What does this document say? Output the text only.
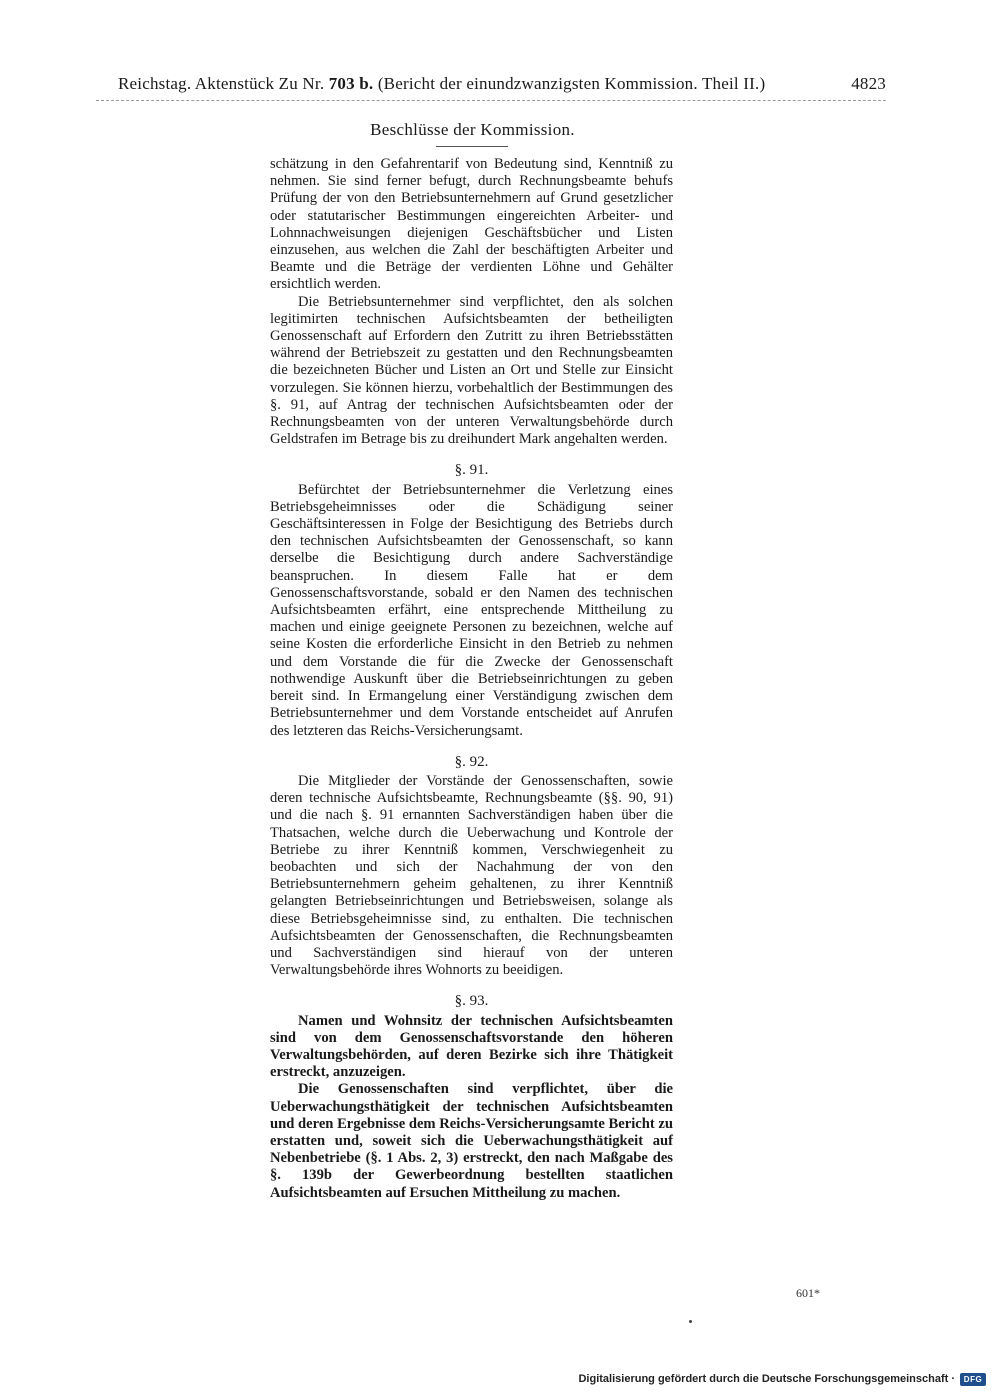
Reichstag. Aktenstück Zu Nr. 703 b. (Bericht der einundzwanzigsten Kommission. Theil II.)	4823
Beschlüsse der Kommission.

schätzung in den Gefahrentarif von Bedeutung sind, Kenntniß zu nehmen. Sie sind ferner befugt, durch Rechnungsbeamte behufs Prüfung der von den Betriebsunternehmern auf Grund gesetzlicher oder statutarischer Bestimmungen eingereichten Arbeiter- und Lohnnachweisungen diejenigen Geschäftsbücher und Listen einzusehen, aus welchen die Zahl der beschäftigten Arbeiter und Beamte und die Beträge der verdienten Löhne und Gehälter ersichtlich werden.

Die Betriebsunternehmer sind verpflichtet, den als solchen legitimirten technischen Aufsichtsbeamten der betheiligten Genossenschaft auf Erfordern den Zutritt zu ihren Betriebsstätten während der Betriebszeit zu gestatten und den Rechnungsbeamten die bezeichneten Bücher und Listen an Ort und Stelle zur Einsicht vorzulegen. Sie können hierzu, vorbehaltlich der Bestimmungen des §. 91, auf Antrag der technischen Aufsichtsbeamten oder der Rechnungsbeamten von der unteren Verwaltungsbehörde durch Geldstrafen im Betrage bis zu dreihundert Mark angehalten werden.

§. 91.

Befürchtet der Betriebsunternehmer die Verletzung eines Betriebsgeheimnisses oder die Schädigung seiner Geschäftsinteressen in Folge der Besichtigung des Betriebs durch den technischen Aufsichtsbeamten der Genossenschaft, so kann derselbe die Besichtigung durch andere Sachverständige beanspruchen. In diesem Falle hat er dem Genossenschaftsvorstande, sobald er den Namen des technischen Aufsichtsbeamten erfährt, eine entsprechende Mittheilung zu machen und einige geeignete Personen zu bezeichnen, welche auf seine Kosten die erforderliche Einsicht in den Betrieb zu nehmen und dem Vorstande die für die Zwecke der Genossenschaft nothwendige Auskunft über die Betriebseinrichtungen zu geben bereit sind. In Ermangelung einer Verständigung zwischen dem Betriebsunternehmer und dem Vorstande entscheidet auf Anrufen des letzteren das Reichs-Versicherungsamt.

§. 92.

Die Mitglieder der Vorstände der Genossenschaften, sowie deren technische Aufsichtsbeamte, Rechnungsbeamte (§§. 90, 91) und die nach §. 91 ernannten Sachverständigen haben über die Thatsachen, welche durch die Ueberwachung und Kontrole der Betriebe zu ihrer Kenntniß kommen, Verschwiegenheit zu beobachten und sich der Nachahmung der von den Betriebsunternehmern geheim gehaltenen, zu ihrer Kenntniß gelangten Betriebseinrichtungen und Betriebsweisen, solange als diese Betriebsgeheimnisse sind, zu enthalten. Die technischen Aufsichtsbeamten der Genossenschaften, die Rechnungsbeamten und Sachverständigen sind hierauf von der unteren Verwaltungsbehörde ihres Wohnorts zu beeidigen.

§. 93.

Namen und Wohnsitz der technischen Aufsichtsbeamten sind von dem Genossenschaftsvorstande den höheren Verwaltungsbehörden, auf deren Bezirke sich ihre Thätigkeit erstreckt, anzuzeigen.

Die Genossenschaften sind verpflichtet, über die Ueberwachungsthätigkeit der technischen Aufsichtsbeamten und deren Ergebnisse dem Reichs-Versicherungsamte Bericht zu erstatten und, soweit sich die Ueberwachungsthätigkeit auf Nebenbetriebe (§. 1 Abs. 2, 3) erstreckt, den nach Maßgabe des §. 139b der Gewerbeordnung bestellten staatlichen Aufsichtsbeamten auf Ersuchen Mittheilung zu machen.

601*
Digitalisierung gefördert durch die Deutsche Forschungsgemeinschaft ·	DFG
